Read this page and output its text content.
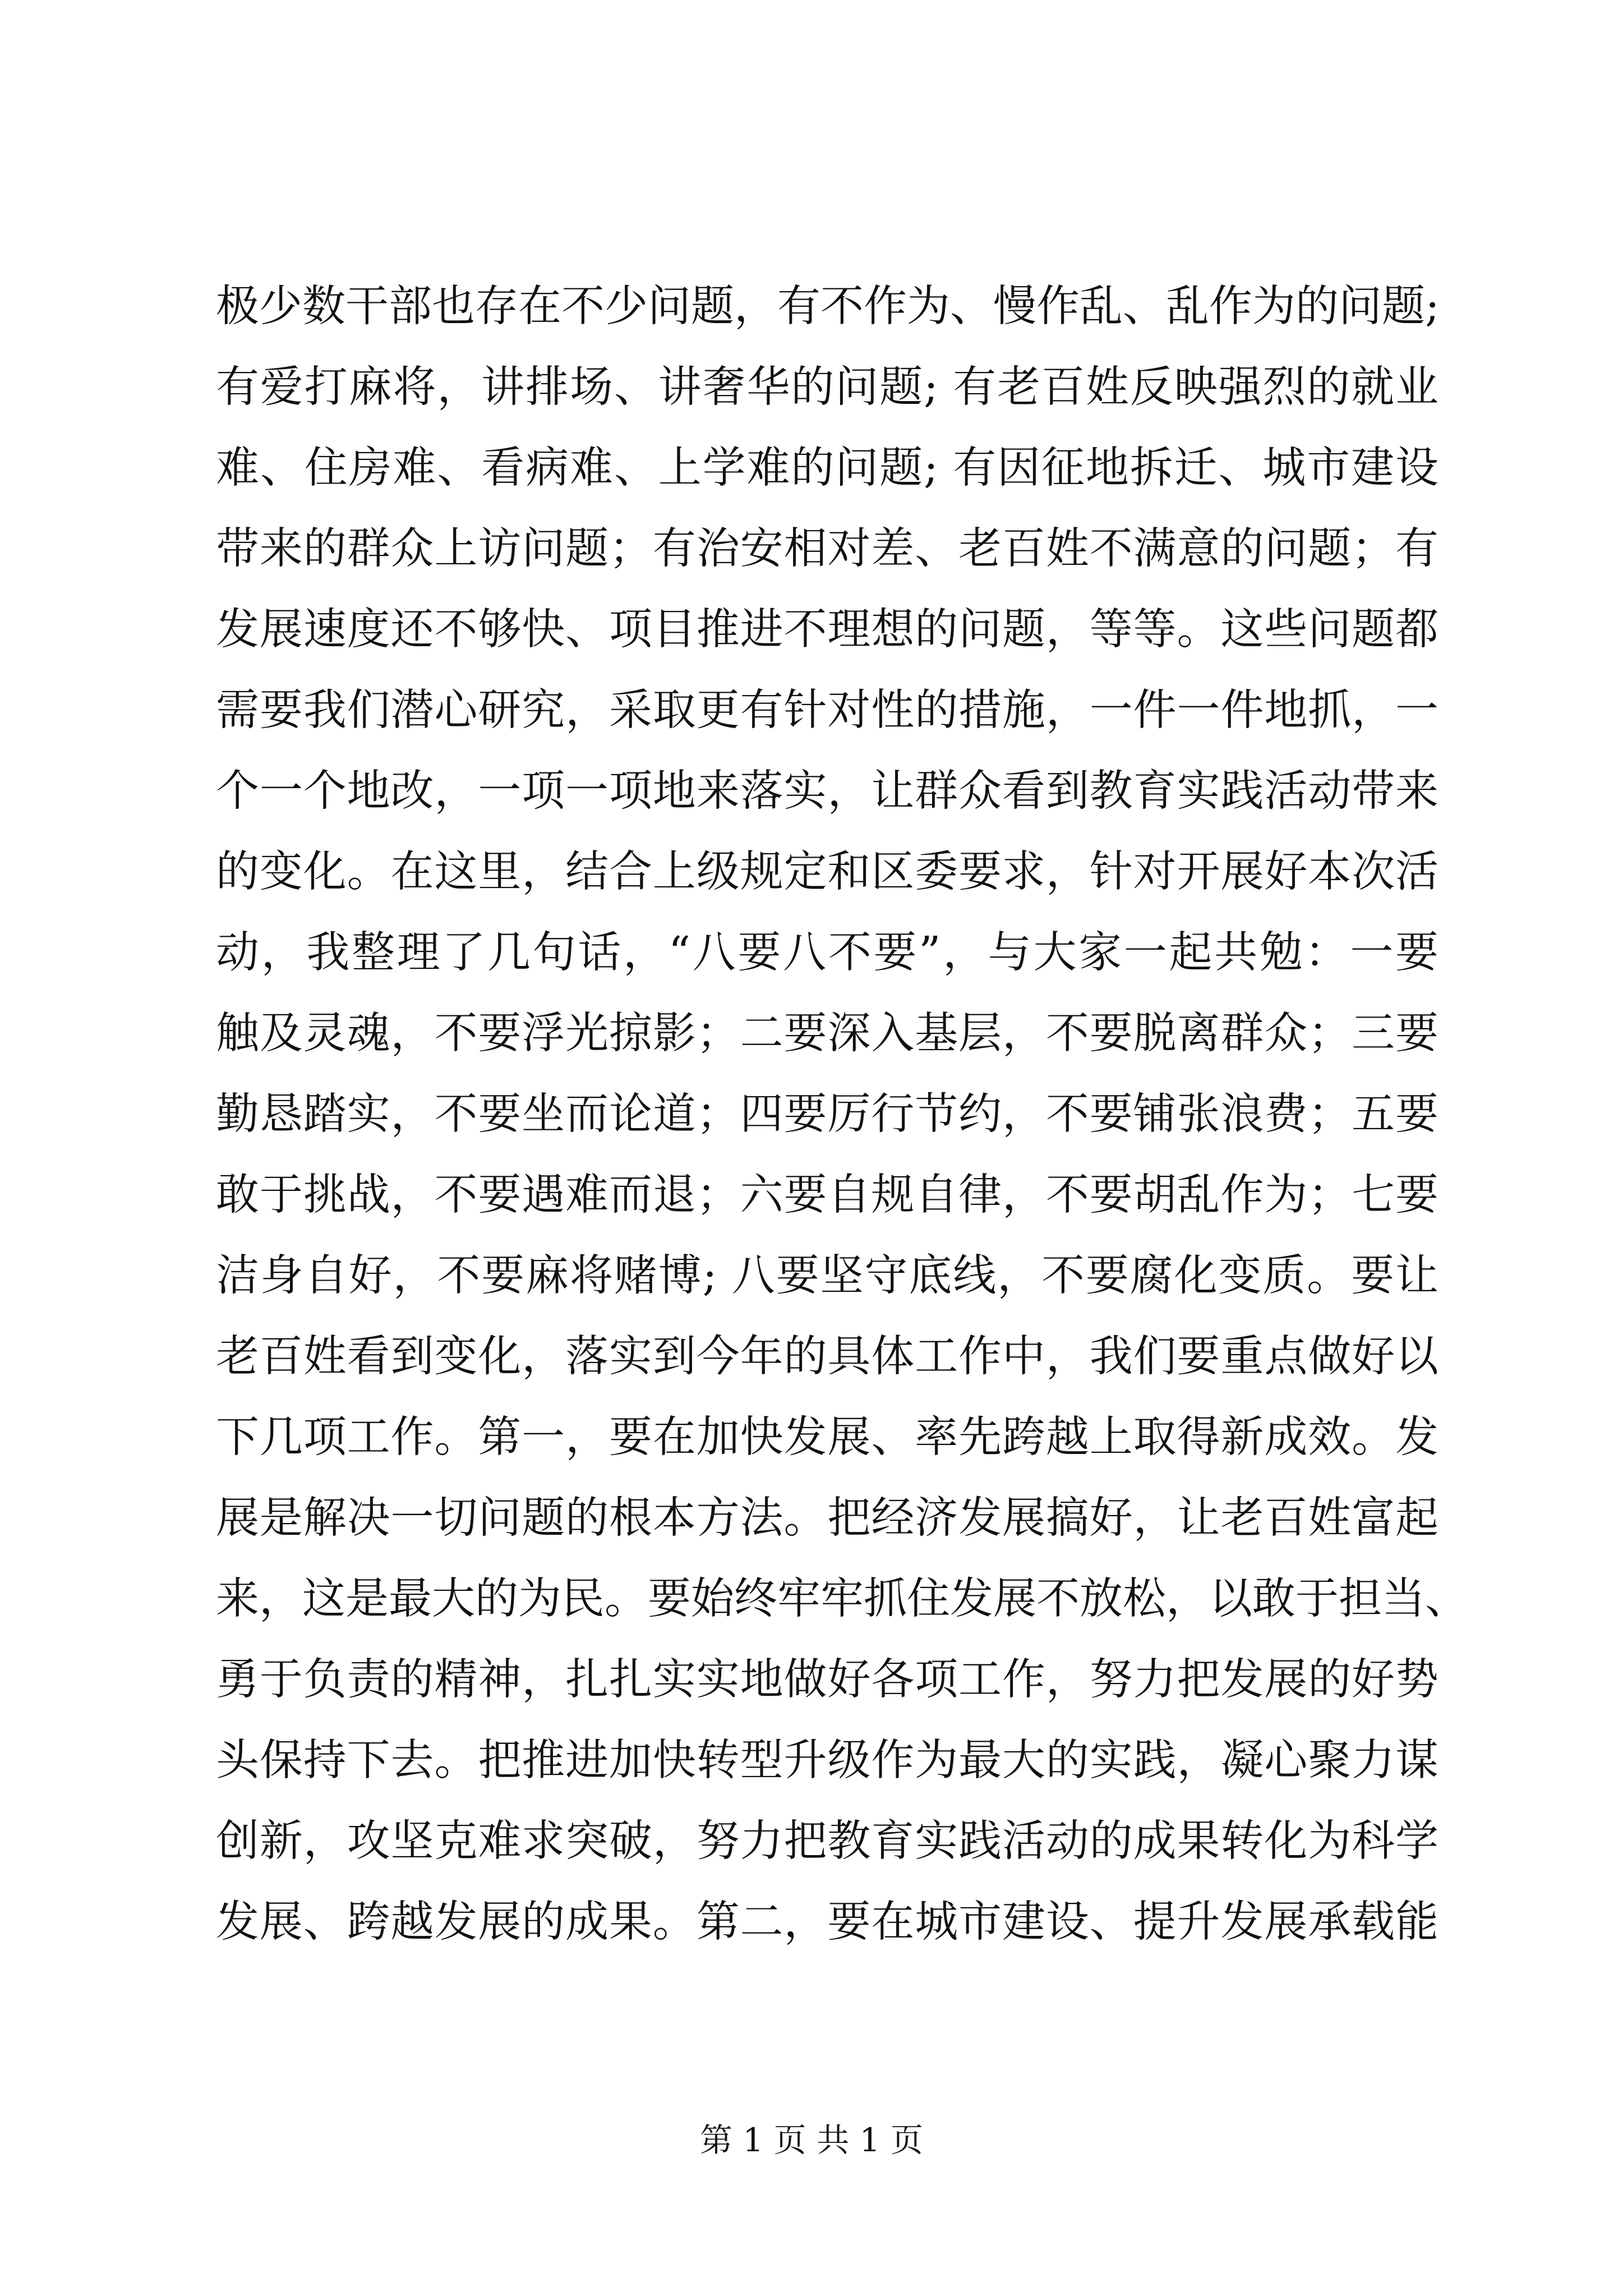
极少数干部也存在不少问题，有不作为、慢作乱、乱作为的问题;
有爱打麻将，讲排场、讲奢华的问题; 有老百姓反映强烈的就业
难、住房难、看病难、上学难的问题; 有因征地拆迁、城市建设
带来的群众上访问题；有治安相对差、老百姓不满意的问题；有
发展速度还不够快、项目推进不理想的问题，等等。这些问题都
需要我们潜心研究，采取更有针对性的措施，一件一件地抓，一
个一个地改，一项一项地来落实，让群众看到教育实践活动带来
的变化。在这里，结合上级规定和区委要求，针对开展好本次活
动，我整理了几句话，“八要八不要”，与大家一起共勉：一要
触及灵魂，不要浮光掠影；二要深入基层，不要脱离群众；三要
勤恳踏实，不要坐而论道；四要厉行节约，不要铺张浪费；五要
敢于挑战，不要遇难而退；六要自规自律，不要胡乱作为；七要
洁身自好，不要麻将赌博; 八要坚守底线，不要腐化变质。要让
老百姓看到变化，落实到今年的具体工作中，我们要重点做好以
下几项工作。第一，要在加快发展、率先跨越上取得新成效。发
展是解决一切问题的根本方法。把经济发展搞好，让老百姓富起
来，这是最大的为民。要始终牢牢抓住发展不放松，以敢于担当、
勇于负责的精神，扎扎实实地做好各项工作，努力把发展的好势
头保持下去。把推进加快转型升级作为最大的实践，凝心聚力谋
创新，攻坚克难求突破，努力把教育实践活动的成果转化为科学
发展、跨越发展的成果。第二，要在城市建设、提升发展承载能
第 1 页 共 1 页
